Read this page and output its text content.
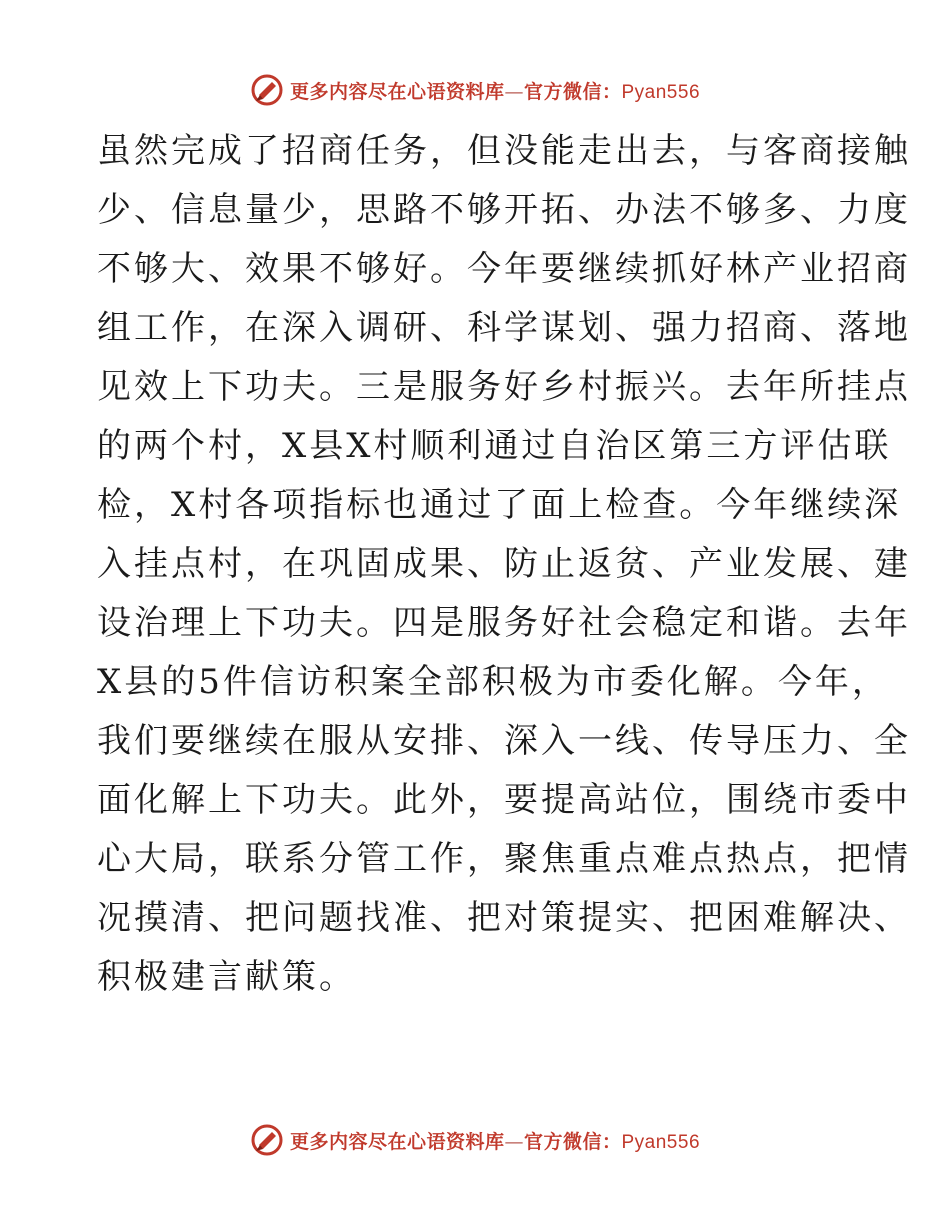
更多内容尽在心语资料库—官方微信：Pyan556
虽然完成了招商任务，但没能走出去，与客商接触
少、信息量少，思路不够开拓、办法不够多、力度
不够大、效果不够好。今年要继续抓好林产业招商
组工作，在深入调研、科学谋划、强力招商、落地
见效上下功夫。三是服务好乡村振兴。去年所挂点
的两个村，X县X村顺利通过自治区第三方评估联
检，X村各项指标也通过了面上检查。今年继续深
入挂点村，在巩固成果、防止返贫、产业发展、建
设治理上下功夫。四是服务好社会稳定和谐。去年
X县的5件信访积案全部积极为市委化解。今年，
我们要继续在服从安排、深入一线、传导压力、全
面化解上下功夫。此外，要提高站位，围绕市委中
心大局，联系分管工作，聚焦重点难点热点，把情
况摸清、把问题找准、把对策提实、把困难解决、
积极建言献策。
更多内容尽在心语资料库—官方微信：Pyan556
